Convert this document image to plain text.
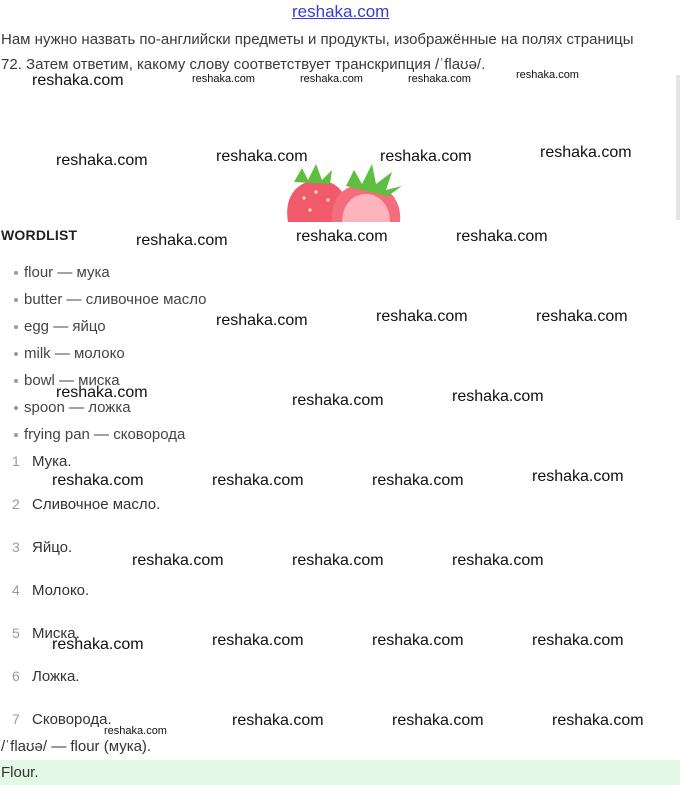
reshaka.com

Нам нужно назвать по-английски предметы и продукты, изображённые на полях страницы 72. Затем ответим, какому слову соответствует транскрипция /ˈflaʊə/.

WORDLIST
flour — мука
butter — сливочное масло
egg — яйцо
milk — молоко
bowl — миска
spoon — ложка
frying pan — сковорода
1 Мука.
2 Сливочное масло.
3 Яйцо.
4 Молоко.
5 Миска.
6 Ложка.
7 Сковорода.
/ˈflaʊə/ — flour (мука).
Flour.
reshaka.com	reshaka.com	reshaka.com	reshaka.com	reshaka.com
reshaka.com	reshaka.com	reshaka.com	reshaka.com
reshaka.com	reshaka.com	reshaka.com
reshaka.com	reshaka.com	reshaka.com
reshaka.com	reshaka.com	reshaka.com
reshaka.com	reshaka.com	reshaka.com	reshaka.com
reshaka.com	reshaka.com	reshaka.com
reshaka.com	reshaka.com	reshaka.com	reshaka.com
reshaka.com
reshaka.com	reshaka.com	reshaka.com
